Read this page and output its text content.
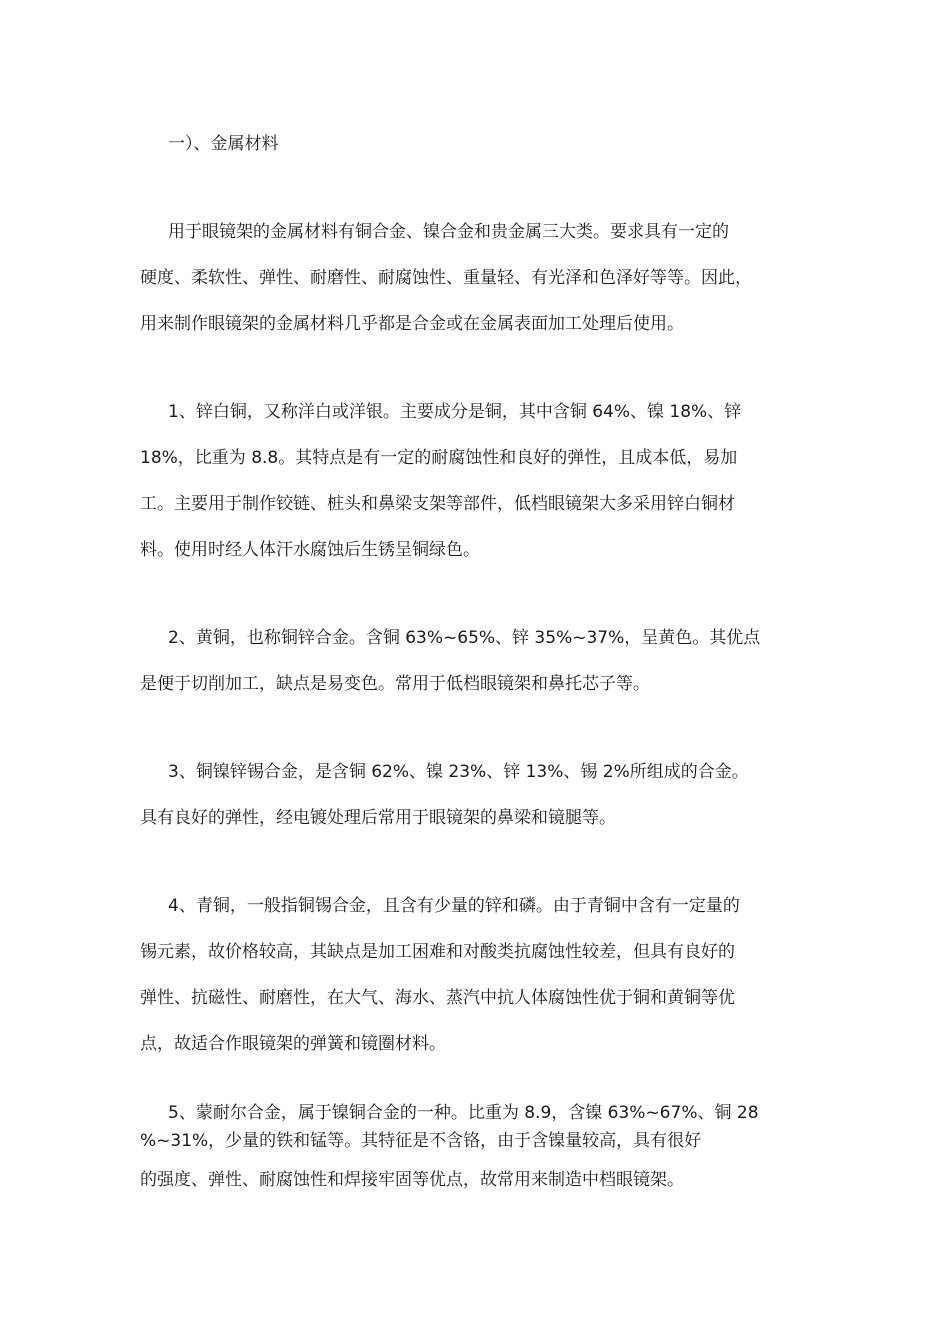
一）、金属材料

用于眼镜架的金属材料有铜合金、镍合金和贵金属三大类。要求具有一定的

硬度、柔软性、弹性、耐磨性、耐腐蚀性、重量轻、有光泽和色泽好等等。因此，

用来制作眼镜架的金属材料几乎都是合金或在金属表面加工处理后使用。

1、锌白铜，又称洋白或洋银。主要成分是铜，其中含铜 64%、镍 18%、锌

18%，比重为 8.8。其特点是有一定的耐腐蚀性和良好的弹性，且成本低，易加

工。主要用于制作铰链、桩头和鼻梁支架等部件，低档眼镜架大多采用锌白铜材

料。使用时经人体汗水腐蚀后生锈呈铜绿色。

2、黄铜，也称铜锌合金。含铜 63%~65%、锌 35%~37%，呈黄色。其优点

是便于切削加工，缺点是易变色。常用于低档眼镜架和鼻托芯子等。

3、铜镍锌锡合金，是含铜 62%、镍 23%、锌 13%、锡 2%所组成的合金。

具有良好的弹性，经电镀处理后常用于眼镜架的鼻梁和镜腿等。

4、青铜，一般指铜锡合金，且含有少量的锌和磷。由于青铜中含有一定量的

锡元素，故价格较高，其缺点是加工困难和对酸类抗腐蚀性较差，但具有良好的

弹性、抗磁性、耐磨性，在大气、海水、蒸汽中抗人体腐蚀性优于铜和黄铜等优

点，故适合作眼镜架的弹簧和镜圈材料。

5、蒙耐尔合金，属于镍铜合金的一种。比重为 8.9，含镍 63%~67%、铜 28

%~31%，少量的铁和锰等。其特征是不含铬，由于含镍量较高，具有很好

的强度、弹性、耐腐蚀性和焊接牢固等优点，故常用来制造中档眼镜架。
